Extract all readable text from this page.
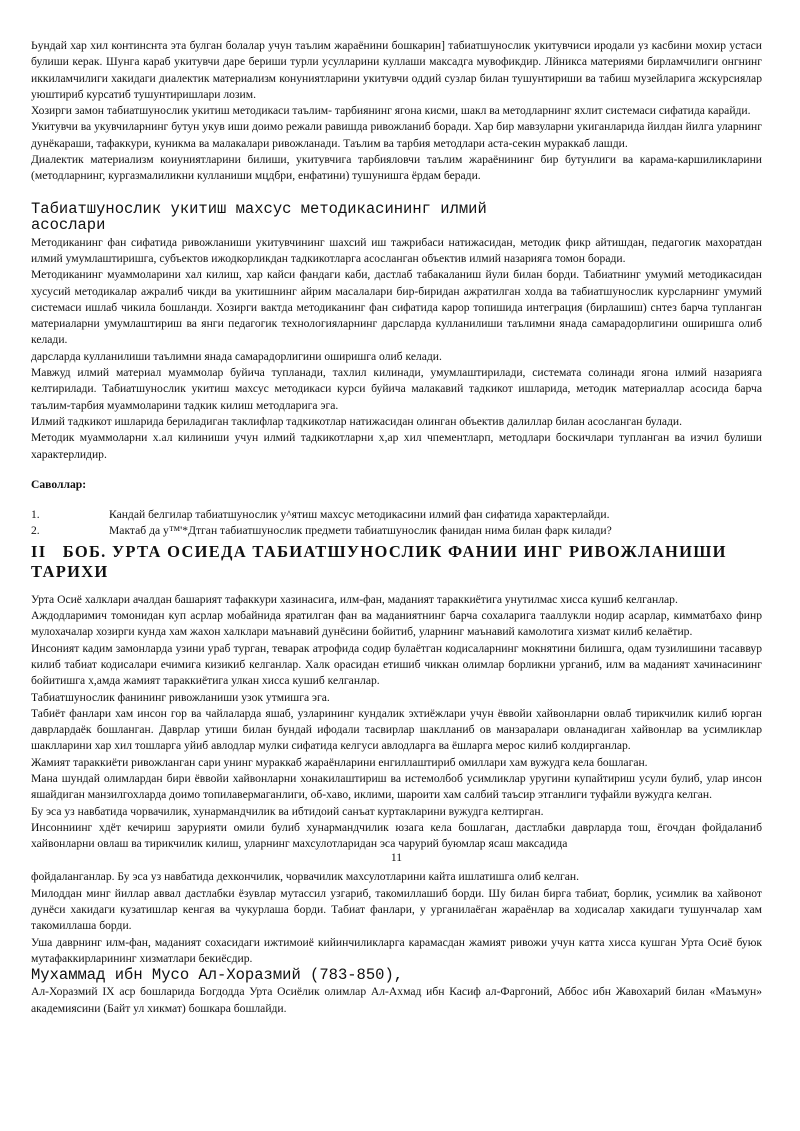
Ьундай хар хил континснта эта булган болалар учун таълим жараёнини бошкарин] табиатшунослик укитувчиси иродали уз касбини мохир устаси булиши керак. Шунга караб укитувчи даре бериши турли усулларини куллаши максадга мувофикдир. Лйникса материями бирламчилиги онгнинг иккиламчилиги хакидаги диалектик материализм конуниятларини укитувчи оддий сузлар билан тушунтириши ва табиш музейларига жскурсиялар уюштириб курсатиб тушунтиришлари лозим.

Хозирги замон табиатшунослик укитиш методикаси таълим- тарбиянинг ягона кисми, шакл ва методларнинг яхлит системаси сифатида карайди.

Укитувчи ва укувчиларнинг бутун укув иши доимо режали равишда ривожланиб боради. Хар бир мавзуларни укиганларида йилдан йилга уларнинг дунёкараши, тафаккури, куникма ва малакалари ривожланади. Таълим ва тарбия методлари аста-секин мураккаб лашди.

Диалектик материализм коиуниятларини билиши, укитувчига тарбияловчи таълим жараёнининг бир бутунлиги ва карама-каршиликларини (методларнинг, кургазмалиликни кулланиши мцдбри, енфатини) тушунишга ёрдам беради.

Табиатшунослик укитиш махсус методикасининг илмий
асослари

Методиканинг фан сифатида ривожланиши укитувчининг шахсий иш тажрибаси натижасидан, методик фикр айтишдан, педагогик махоратдан илмий умумлаштиришга, субъектов ижодкорликдан тадкикотларга асосланган объектив илмий назарияга томон боради.

Методиканинг муаммоларини хал килиш, хар кайси фандаги каби, дастлаб табакаланиш йули билан борди. Табиатнинг умумий методикасидан хусусий методикалар ажралиб чикди ва укитишнинг айрим масалалари бир-биридан ажратилган холда ва табиатшунослик курсларнинг умумий системаси ишлаб чикила бошланди. Хозирги вактда методиканинг фан сифатида карор топишида интеграция (бирлашиш) снтез барча тупланган материаларни умумлаштириш ва янги педагогик технологияларнинг дарсларда кулланилиши таълимни янада самарадорлигини оширишга олиб келади.

дарсларда кулланилиши таълимни янада самарадорлигини оширишга олиб келади.

Мавжуд илмий материал муаммолар буйича тупланади, тахлил килинади, умумлаштирилади, системата солинади ягона илмий назарияга келтирилади. Табиатшунослик укитиш махсус методикаси курси буйича малакавий тадкикот ишларида, методик материаллар асосида барча таълим-тарбия муаммоларини тадкик килиш методларига эга.

Илмий тадкикот ишларида бериладиган таклифлар тадкикотлар натижасидан олинган объектив далиллар билан асосланган булади.

Методик муаммоларни х.ал килиниши учун илмий тадкикотларни х,ар хил чпементларп, методлари боскичлари тупланган ва изчил булиши характерлидир.

Саволлар:

1.	Кандай белгилар табиатшунослик у^ятиш махсус методикасини илмий фан сифатида характерлайди.
2.	Мактаб да у™'*Дтган табиатшунослик предмети табиатшунослик фанидан нима билан фарк килади?
II   БОБ. УРТА ОСИЕДА ТАБИАТШУНОСЛИК ФАНИИ ИНГ РИВОЖЛАНИШИ
ТАРИХИ

Урта Осиё халклари ачалдан башарият тафаккури хазинасига, илм-фан, маданият тараккиётига унутилмас хисса кушиб келганлар.

Аждодларимич томонидан куп асрлар мобайнида яратилган фан ва маданиятнинг барча сохаларига тааллукли нодир асарлар, кимматбахо финр мулохачалар хозирги кунда хам жахон халклари маънавий дунёсини бойитиб, уларнинг маънавий камолотига хизмат килиб келаётир.

Инсоният кадим замонларда узини ураб турган, теварак атрофида содир булаётган кодисаларнинг мокнятини билишга, одам тузилишини тасаввур килиб табиат кодисалари ечимига кизикиб келганлар. Халк орасидан етишиб чиккан олимлар борликни урганиб, илм ва маданият хачинасининг бойитишга х,амда жамият тараккиётига улкан хисса кушиб келганлар.

Табиатшунослик фанининг ривожланиши узок утмишга эга.

Табиёт фанлари хам инсон гор ва чайлаларда яшаб, узларининг кундалик эхтиёжлари учун ёввойи хайвонларни овлаб тирикчилик килиб юрган даврлардаёк бошланган. Даврлар утиши билан бундай ифодали тасвирлар шаклланиб ов манзаралари овланадиган хайвонлар ва усимликлар шаклларини хар хил тошларга уйиб авлодлар мулки сифатида келгуси авлодларга ва ёшларга мерос килиб колдирганлар.

Жамият тараккиёти ривожланган сари унинг мураккаб жараёнларини енгиллаштириб омиллари хам вужудга кела бошлаган.

Мана шундай олимлардан бири ёввойи хайвонларни хонакилаштириш ва истемолбоб усимликлар уругини купайтириш усули булиб, улар инсон яшайдиган манзилгохларда доимо топилавермаганлиги, об-хаво, иклими, шароити хам салбий таъсир этганлиги туфайли вужудга келган.

Бу эса уз навбатида чорвачилик, хунармандчилик ва ибтидоий санъат куртакларини вужудга келтирган.

Инсонниинг хдёт кечириш зарурияти омили булиб хунармандчилик юзага кела бошлаган, дастлабки даврларда тош, ёгочдан фойдаланиб хайвонларни овлаш ва тирикчилик килиш, уларнинг махсулотларидан эса чарурий буюмлар ясаш максадида

11

фойдаланганлар. Бу эса уз навбатида дехкончилик, чорвачилик махсулотларини кайта ишлатишга олиб келган.

Милоддан минг йиллар аввал дастлабки ёзувлар мутассил узгариб, такомиллашиб борди. Шу билан бирга табиат, борлик, усимлик ва хайвонот дунёси хакидаги кузатишлар кенгая ва чукурлаша борди. Табиат фанлари, у урганилаёган жараёнлар ва ходисалар хакидаги тушунчалар хам такомиллаша борди.

Уша даврнинг илм-фан, маданият сохасидаги ижтимоиё кийинчиликларга карамасдан жамият ривожи учун катта хисса кушган Урта Осиё буюк мутафаккирларининг хизматлари бекиёсдир.

Мухаммад ибн Мусо Ал-Хоразмий (783-850),

Ал-Хоразмий IX аср бошларида Богдодда Урта Осиёлик олимлар Ал-Ахмад ибн Касиф ал-Фаргоний, Аббос ибн Жавохарий билан «Маъмун» академиясини (Байт ул хикмат) бошкара бошлайди.
